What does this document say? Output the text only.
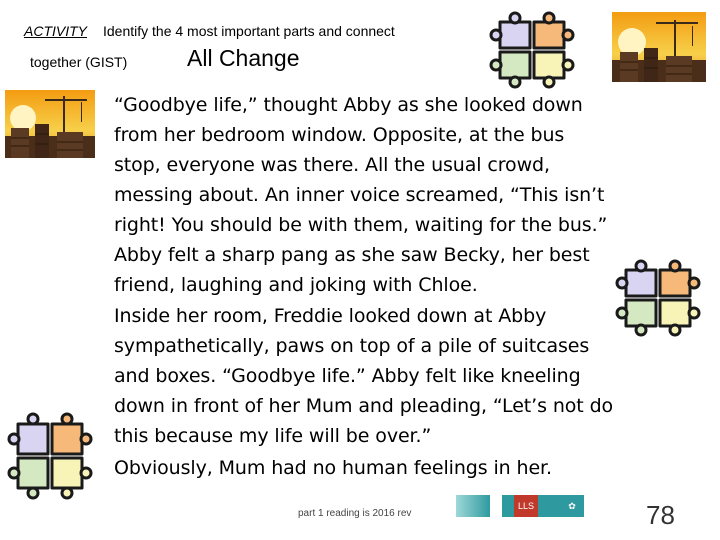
ACTIVITY Identify the 4 most important parts and connect
together (GIST)	All Change

“Goodbye life,” thought Abby as she looked down from her bedroom window. Opposite, at the bus stop, everyone was there. All the usual crowd, messing about. An inner voice screamed, “This isn’t right! You should be with them, waiting for the bus.” Abby felt a sharp pang as she saw Becky, her best friend, laughing and joking with Chloe.

Inside her room, Freddie looked down at Abby sympathetically, paws on top of a pile of suitcases and boxes. “Goodbye life.” Abby felt like kneeling down in front of her Mum and pleading, “Let’s not do this because my life will be over.”

Obviously, Mum had no human feelings in her.

part 1 reading is 2016 rev
LLS	✿	78
